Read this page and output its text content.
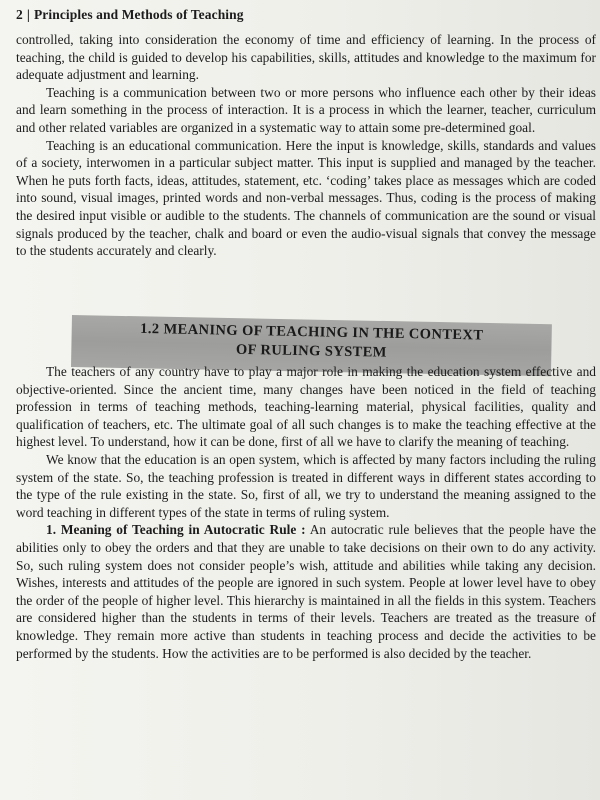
2 | Principles and Methods of Teaching

controlled, taking into consideration the economy of time and efficiency of learning. In the process of teaching, the child is guided to develop his capabilities, skills, attitudes and knowledge to the maximum for adequate adjustment and learning.

Teaching is a communication between two or more persons who influence each other by their ideas and learn something in the process of interaction. It is a process in which the learner, teacher, curriculum and other related variables are organized in a systematic way to attain some pre-determined goal.

Teaching is an educational communication. Here the input is knowledge, skills, standards and values of a society, interwomen in a particular subject matter. This input is supplied and managed by the teacher. When he puts forth facts, ideas, attitudes, statement, etc. ‘coding’ takes place as messages which are coded into sound, visual images, printed words and non-verbal messages. Thus, coding is the process of making the desired input visible or audible to the students. The channels of communication are the sound or visual signals produced by the teacher, chalk and board or even the audio-visual signals that convey the message to the students accurately and clearly.

1.2 MEANING OF TEACHING IN THE CONTEXT
OF RULING SYSTEM

The teachers of any country have to play a major role in making the education system effective and objective-oriented. Since the ancient time, many changes have been noticed in the field of teaching profession in terms of teaching methods, teaching-learning material, physical facilities, quality and qualification of teachers, etc. The ultimate goal of all such changes is to make the teaching effective at the highest level. To understand, how it can be done, first of all we have to clarify the meaning of teaching.

We know that the education is an open system, which is affected by many factors including the ruling system of the state. So, the teaching profession is treated in different ways in different states according to the type of the rule existing in the state. So, first of all, we try to understand the meaning assigned to the word teaching in different types of the state in terms of ruling system.

1. Meaning of Teaching in Autocratic Rule : An autocratic rule believes that the people have the abilities only to obey the orders and that they are unable to take decisions on their own to do any activity. So, such ruling system does not consider people’s wish, attitude and abilities while taking any decision. Wishes, interests and attitudes of the people are ignored in such system. People at lower level have to obey the order of the people of higher level. This hierarchy is maintained in all the fields in this system. Teachers are considered higher than the students in terms of their levels. Teachers are treated as the treasure of knowledge. They remain more active than students in teaching process and decide the activities to be performed by the students. How the activities are to be performed is also decided by the teacher.
